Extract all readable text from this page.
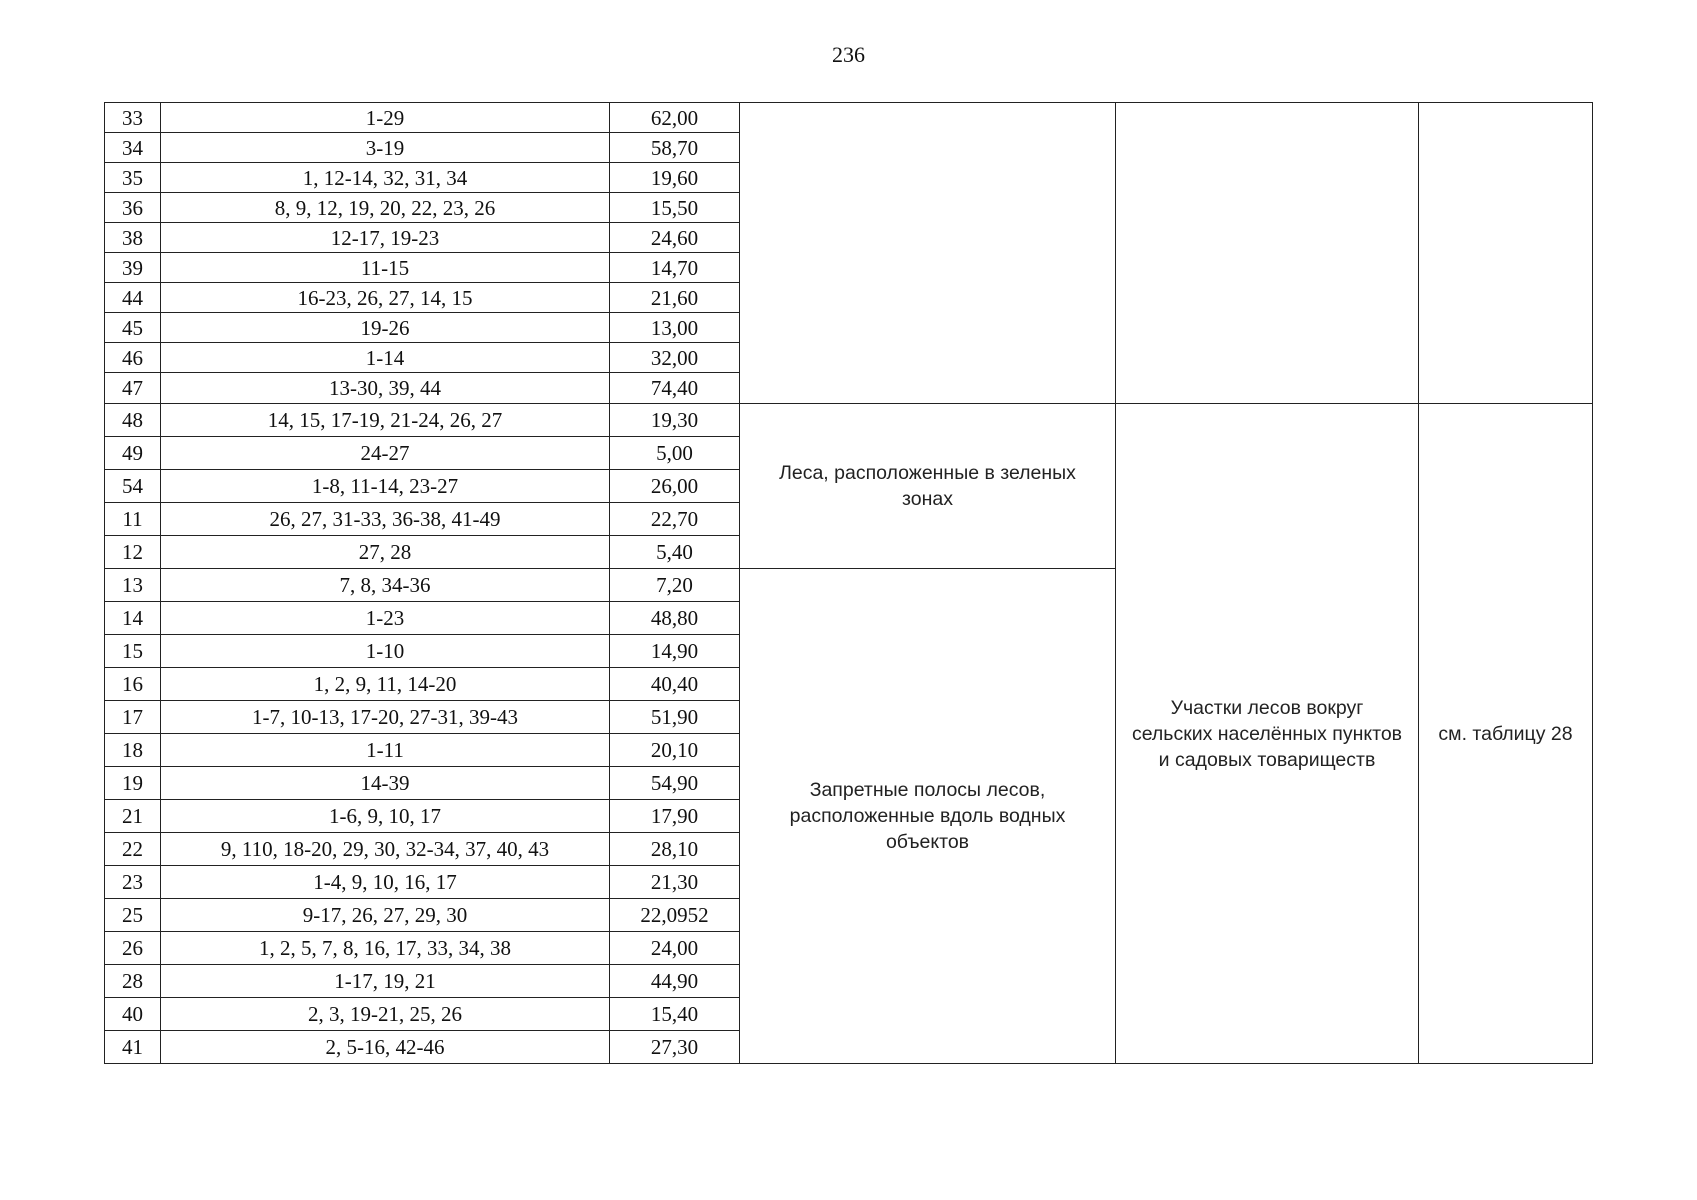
236
33	1-29	62,00			
34	3-19	58,70			
35	1, 12-14, 32, 31, 34	19,60			
36	8, 9, 12, 19, 20, 22, 23, 26	15,50			
38	12-17, 19-23	24,60			
39	11-15	14,70			
44	16-23, 26, 27, 14, 15	21,60			
45	19-26	13,00			
46	1-14	32,00			
47	13-30, 39, 44	74,40			
48	14, 15, 17-19, 21-24, 26, 27	19,30	Леса, расположенные в зеленых зонах	Участки лесов вокруг сельских населённых пунктов и садовых товариществ	см. таблицу 28

49	24-27	5,00			
54	1-8, 11-14, 23-27	26,00			
11	26, 27, 31-33, 36-38, 41-49	22,70			
12	27, 28	5,40			
13	7, 8, 34-36	7,20	Запретные полосы лесов, расположенные вдоль водных объектов		

14	1-23	48,80			
15	1-10	14,90			
16	1, 2, 9, 11, 14-20	40,40			
17	1-7, 10-13, 17-20, 27-31, 39-43	51,90			
18	1-11	20,10			
19	14-39	54,90			
21	1-6, 9, 10, 17	17,90			
22	9, 110, 18-20, 29, 30, 32-34, 37, 40, 43	28,10			
23	1-4, 9, 10, 16, 17	21,30			
25	9-17, 26, 27, 29, 30	22,0952			
26	1, 2, 5, 7, 8, 16, 17, 33, 34, 38	24,00			
28	1-17, 19, 21	44,90			
40	2, 3, 19-21, 25, 26	15,40			
41	2, 5-16, 42-46	27,30			
